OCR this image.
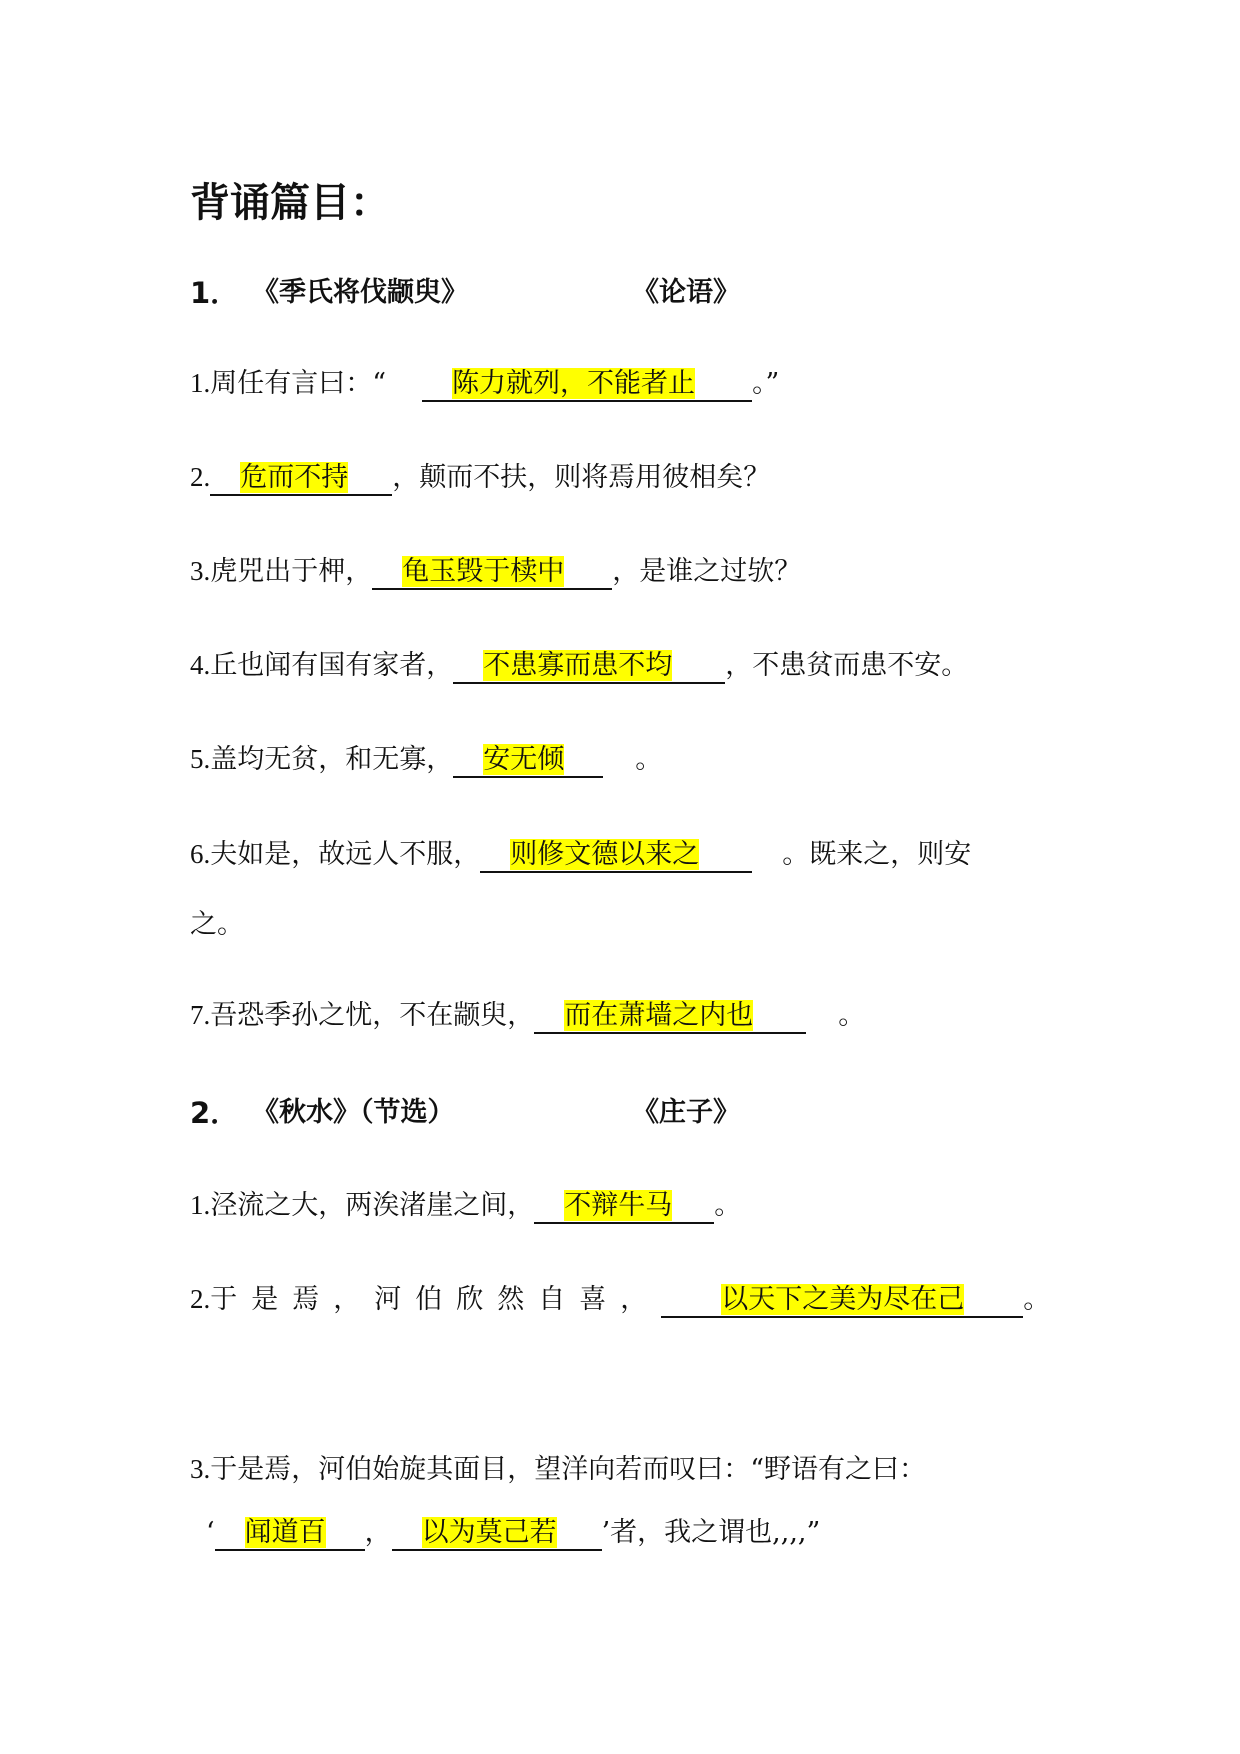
背诵篇目：
1． 《季氏将伐颛臾》	《论语》
1.周任有言曰：“ 陈力就列，不能者止 。”
2. 危而不持 ，颠而不扶，则将焉用彼相矣？
3.虎兕出于柙， 龟玉毁于椟中 ，是谁之过欤？
4.丘也闻有国有家者， 不患寡而患不均 ，不患贫而患不安。
5.盖均无贫，和无寡， 安无倾	。
6.夫如是，故远人不服， 则修文德以来之	。既来之，则安
之。
7.吾恐季孙之忧，不在颛臾， 而在萧墙之内也	。
2． 《秋水》（节选）	《庄子》
1.泾流之大，两涘渚崖之间， 不辩牛马 。
2.于是焉，河伯欣然自喜， 以天下之美为尽在己 。
3.于是焉，河伯始旋其面目，望洋向若而叹曰：“野语有之曰：
‘ 闻道百 ， 以为莫己若 ’者，我之谓也,,,,”
